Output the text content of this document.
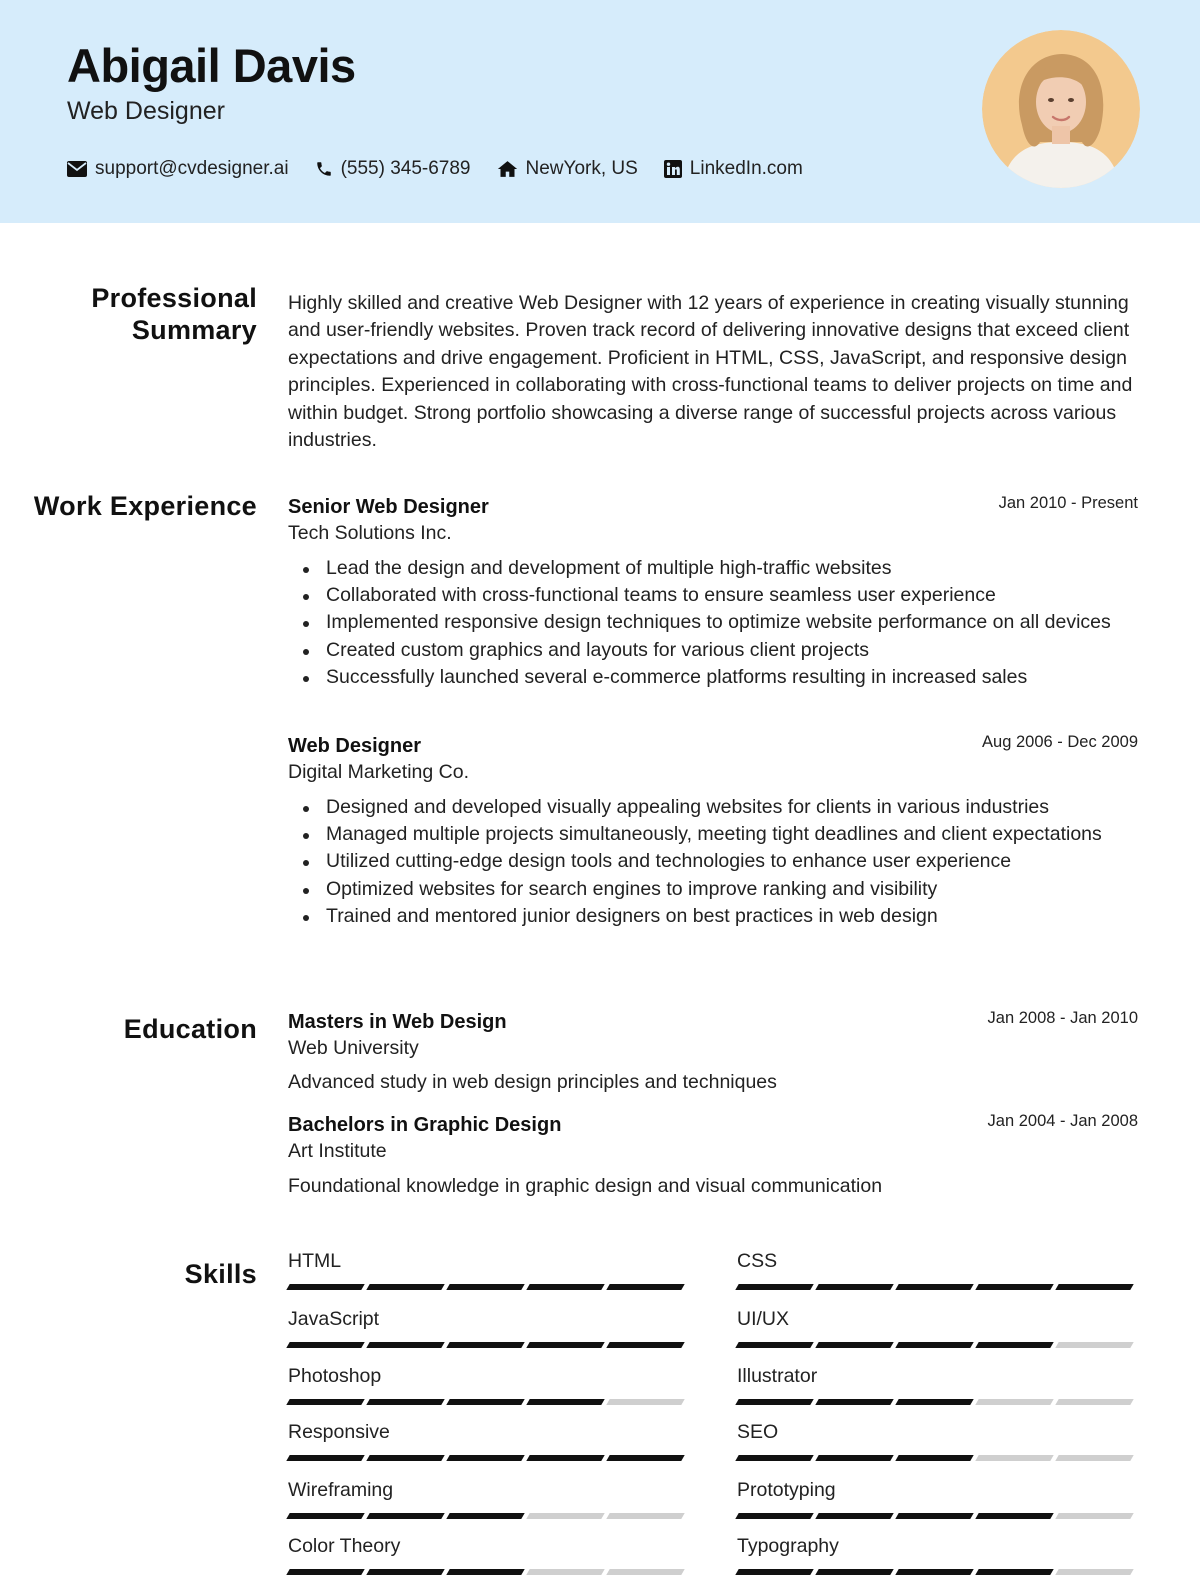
Abigail Davis
Web Designer
support@cvdesigner.ai	(555) 345-6789	NewYork, US	LinkedIn.com
Professional Summary
Highly skilled and creative Web Designer with 12 years of experience in creating visually stunning and user-friendly websites. Proven track record of delivering innovative designs that exceed client expectations and drive engagement. Proficient in HTML, CSS, JavaScript, and responsive design principles. Experienced in collaborating with cross-functional teams to deliver projects on time and within budget. Strong portfolio showcasing a diverse range of successful projects across various industries.
Work Experience Senior Web Designer	Jan 2010 - Present
Tech Solutions Inc.
Lead the design and development of multiple high-traffic websites
Collaborated with cross-functional teams to ensure seamless user experience
Implemented responsive design techniques to optimize website performance on all devices
Created custom graphics and layouts for various client projects
Successfully launched several e-commerce platforms resulting in increased sales
Web Designer	Aug 2006 - Dec 2009
Digital Marketing Co.
Designed and developed visually appealing websites for clients in various industries
Managed multiple projects simultaneously, meeting tight deadlines and client expectations
Utilized cutting-edge design tools and technologies to enhance user experience
Optimized websites for search engines to improve ranking and visibility
Trained and mentored junior designers on best practices in web design
Education Masters in Web Design	Jan 2008 - Jan 2010
Web University
Advanced study in web design principles and techniques
Bachelors in Graphic Design	Jan 2004 - Jan 2008
Art Institute
Foundational knowledge in graphic design and visual communication
Skills HTML	CSS
JavaScript	UI/UX
Photoshop	Illustrator
Responsive	SEO
Wireframing	Prototyping
Color Theory	Typography
